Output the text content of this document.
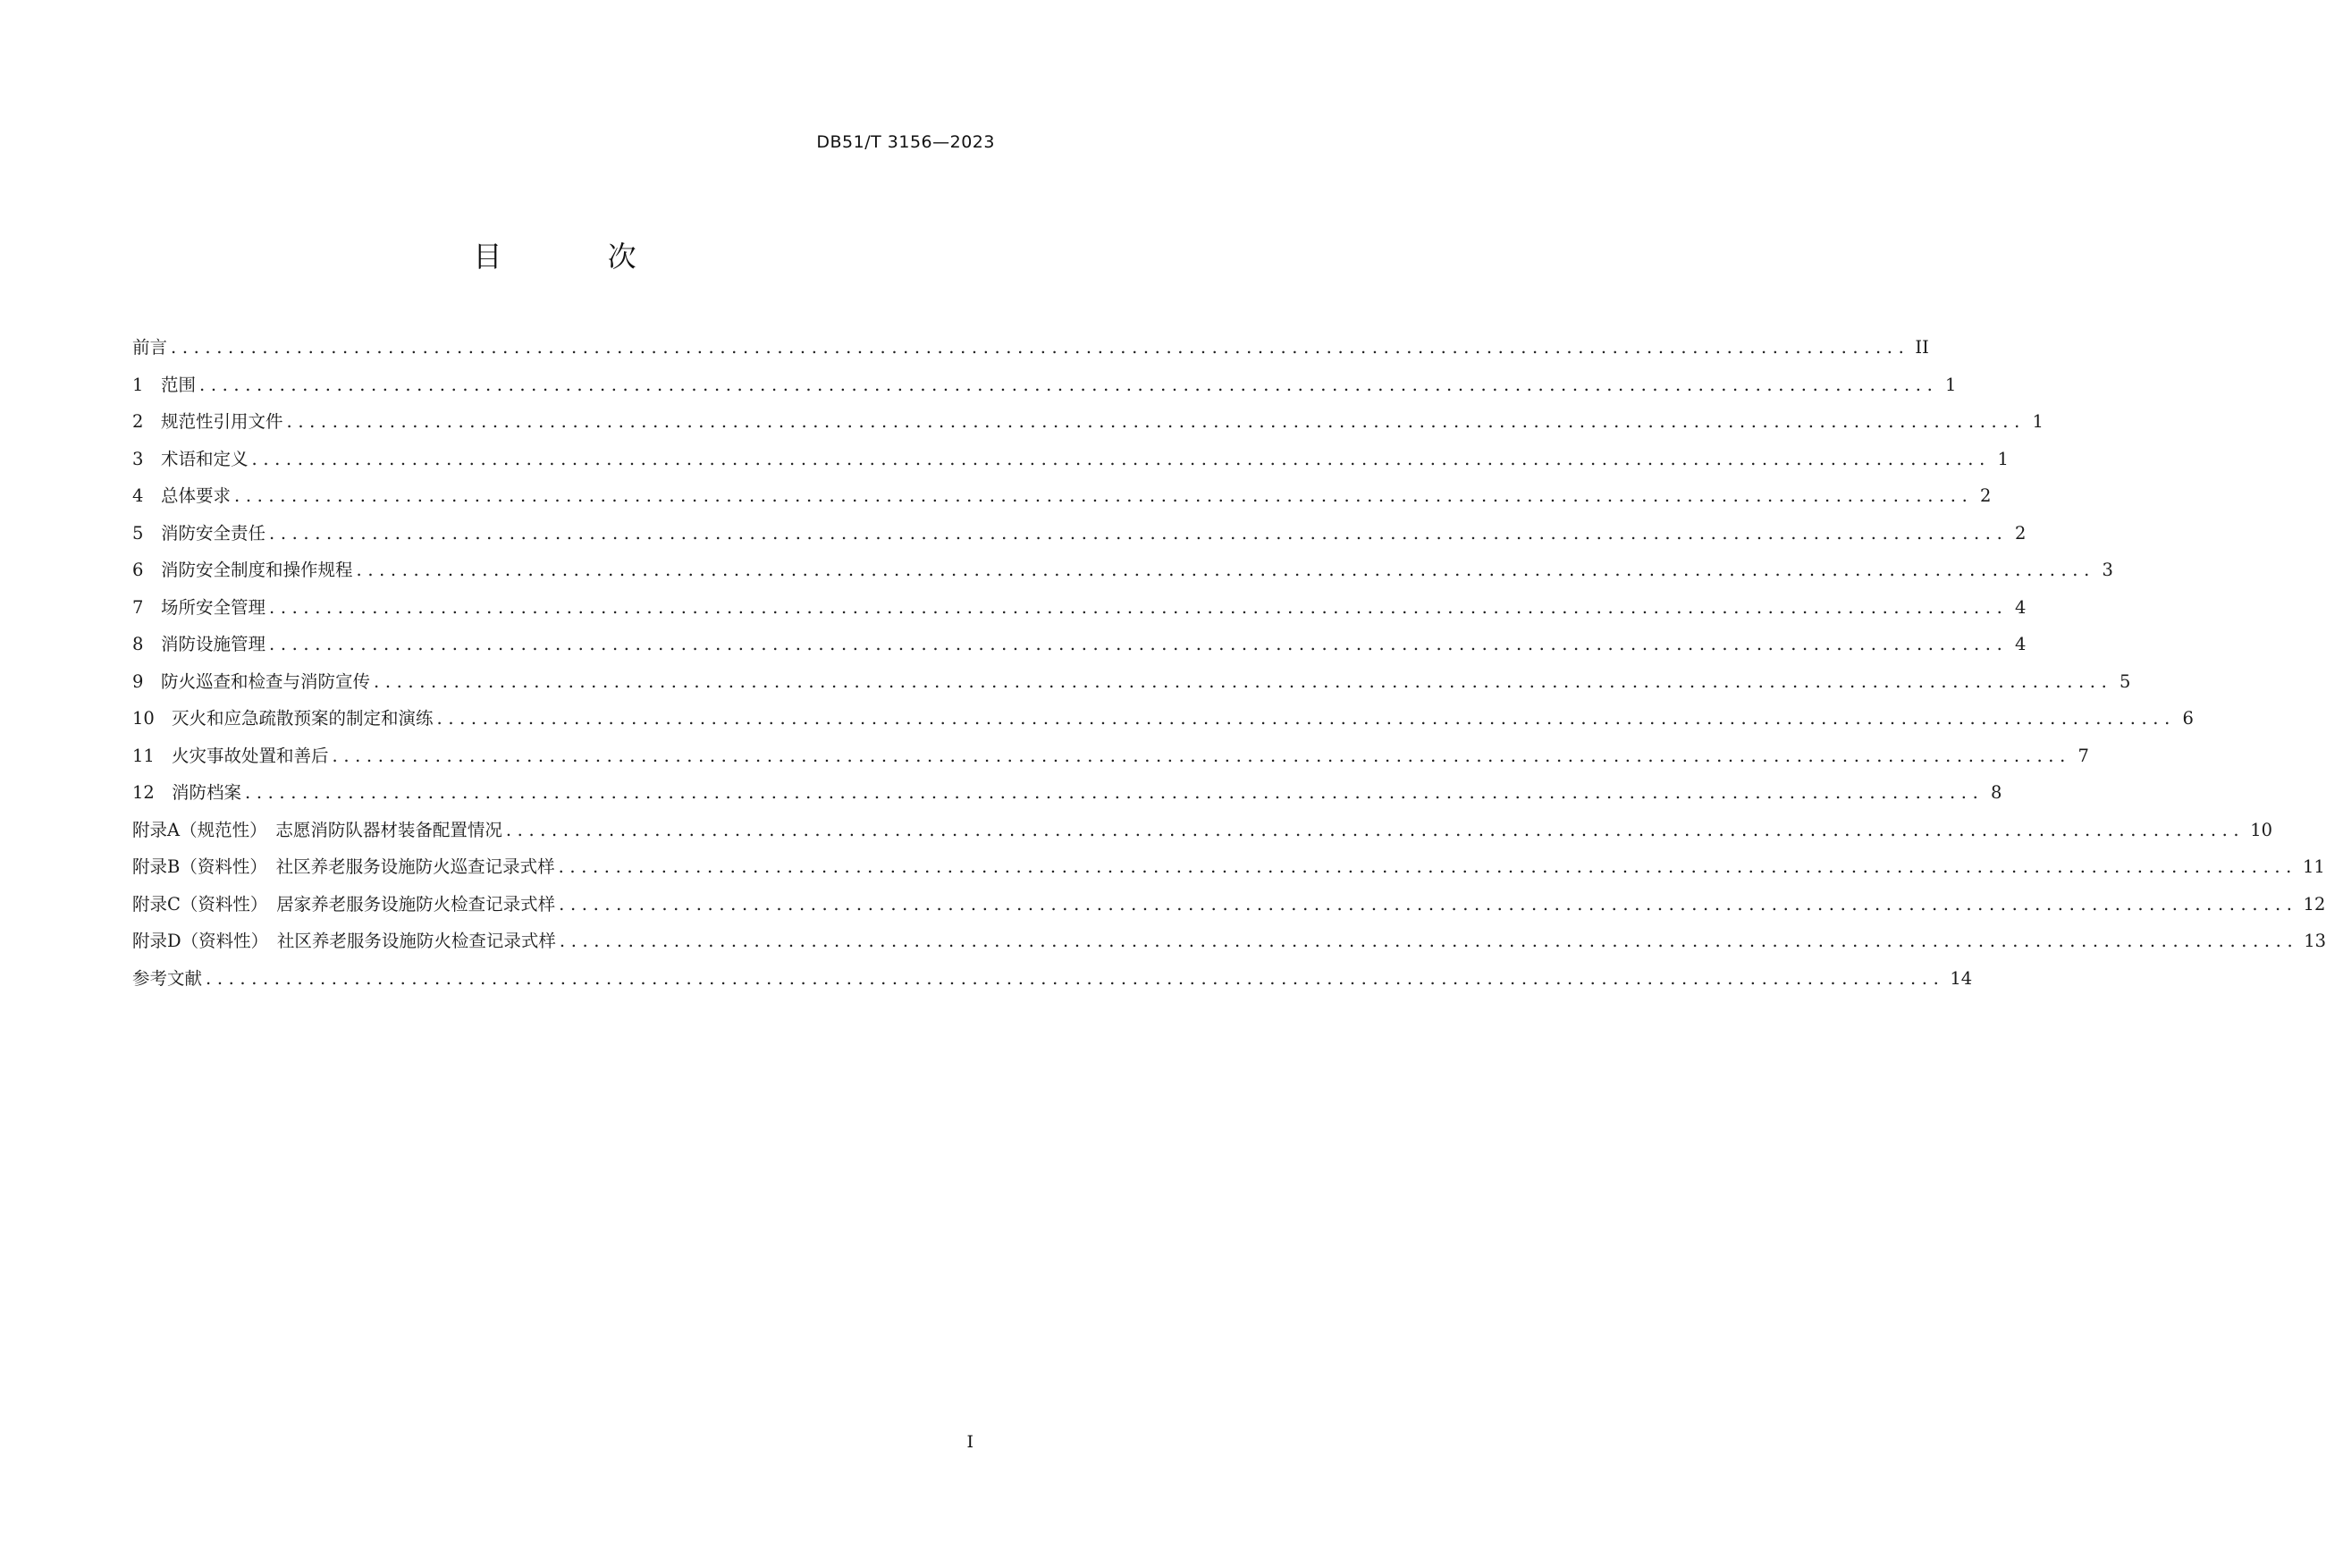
DB51/T 3156—2023
目 次
前言 ........................................................................................................................................................ II
1	范围 ........................................................................................................................................................ 1
2	规范性引用文件 ........................................................................................................................................................ 1
3	术语和定义 ........................................................................................................................................................ 1
4	总体要求 ........................................................................................................................................................ 2
5	消防安全责任 ........................................................................................................................................................ 2
6	消防安全制度和操作规程 ........................................................................................................................................................ 3
7	场所安全管理 ........................................................................................................................................................ 4
8	消防设施管理 ........................................................................................................................................................ 4
9	防火巡查和检查与消防宣传 ........................................................................................................................................................ 5
10 灭火和应急疏散预案的制定和演练 ........................................................................................................................................................ 6
11 火灾事故处置和善后 ........................................................................................................................................................ 7
12 消防档案 ........................................................................................................................................................ 8
附录A（规范性）　志愿消防队器材装备配置情况 ........................................................................................................................................................ 10
附录B（资料性）　社区养老服务设施防火巡查记录式样 ........................................................................................................................................................ 11
附录C（资料性）　居家养老服务设施防火检查记录式样 ........................................................................................................................................................ 12
附录D（资料性）　社区养老服务设施防火检查记录式样 ........................................................................................................................................................ 13
参考文献 ........................................................................................................................................................ 14
I
